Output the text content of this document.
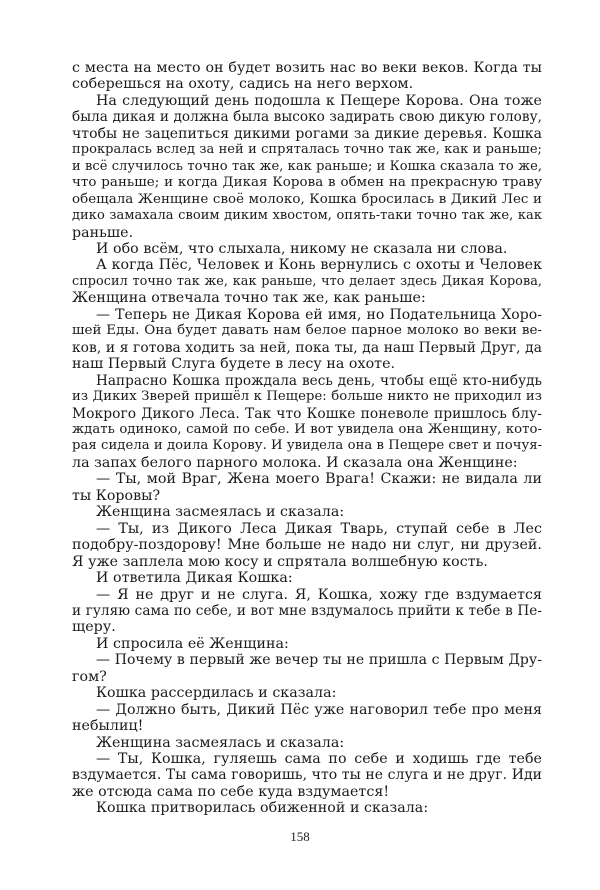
с места на место он будет возить нас во веки веков. Когда ты
соберешься на охоту, садись на него верхом.
На следующий день подошла к Пещере Корова. Она тоже
была дикая и должна была высоко задирать свою дикую голову,
чтобы не зацепиться дикими рогами за дикие деревья. Кошка
прокралась вслед за ней и спряталась точно так же, как и раньше;
и всё случилось точно так же, как раньше; и Кошка сказала то же,
что раньше; и когда Дикая Корова в обмен на прекрасную траву
обещала Женщине своё молоко, Кошка бросилась в Дикий Лес и
дико замахала своим диким хвостом, опять-таки точно так же, как
раньше.
И обо всём, что слыхала, никому не сказала ни слова.
А когда Пёс, Человек и Конь вернулись с охоты и Человек
спросил точно так же, как раньше, что делает здесь Дикая Корова,
Женщина отвечала точно так же, как раньше:
— Теперь не Дикая Корова ей имя, но Подательница Хоро-
шей Еды. Она будет давать нам белое парное молоко во веки ве-
ков, и я готова ходить за ней, пока ты, да наш Первый Друг, да
наш Первый Слуга будете в лесу на охоте.
Напрасно Кошка прождала весь день, чтобы ещё кто-нибудь
из Диких Зверей пришёл к Пещере: больше никто не приходил из
Мокрого Дикого Леса. Так что Кошке поневоле пришлось блу-
ждать одиноко, самой по себе. И вот увидела она Женщину, кото-
рая сидела и доила Корову. И увидела она в Пещере свет и почуя-
ла запах белого парного молока. И сказала она Женщине:
— Ты, мой Враг, Жена моего Врага! Скажи: не видала ли
ты Коровы?
Женщина засмеялась и сказала:
— Ты, из Дикого Леса Дикая Тварь, ступай себе в Лес
подобру-поздорову! Мне больше не надо ни слуг, ни друзей.
Я уже заплела мою косу и спрятала волшебную кость.
И ответила Дикая Кошка:
— Я не друг и не слуга. Я, Кошка, хожу где вздумается
и гуляю сама по себе, и вот мне вздумалось прийти к тебе в Пе-
щеру.
И спросила её Женщина:
— Почему в первый же вечер ты не пришла с Первым Дру-
гом?
Кошка рассердилась и сказала:
— Должно быть, Дикий Пёс уже наговорил тебе про меня
небылиц!
Женщина засмеялась и сказала:
— Ты, Кошка, гуляешь сама по себе и ходишь где тебе
вздумается. Ты сама говоришь, что ты не слуга и не друг. Иди
же отсюда сама по себе куда вздумается!
Кошка притворилась обиженной и сказала:
158
